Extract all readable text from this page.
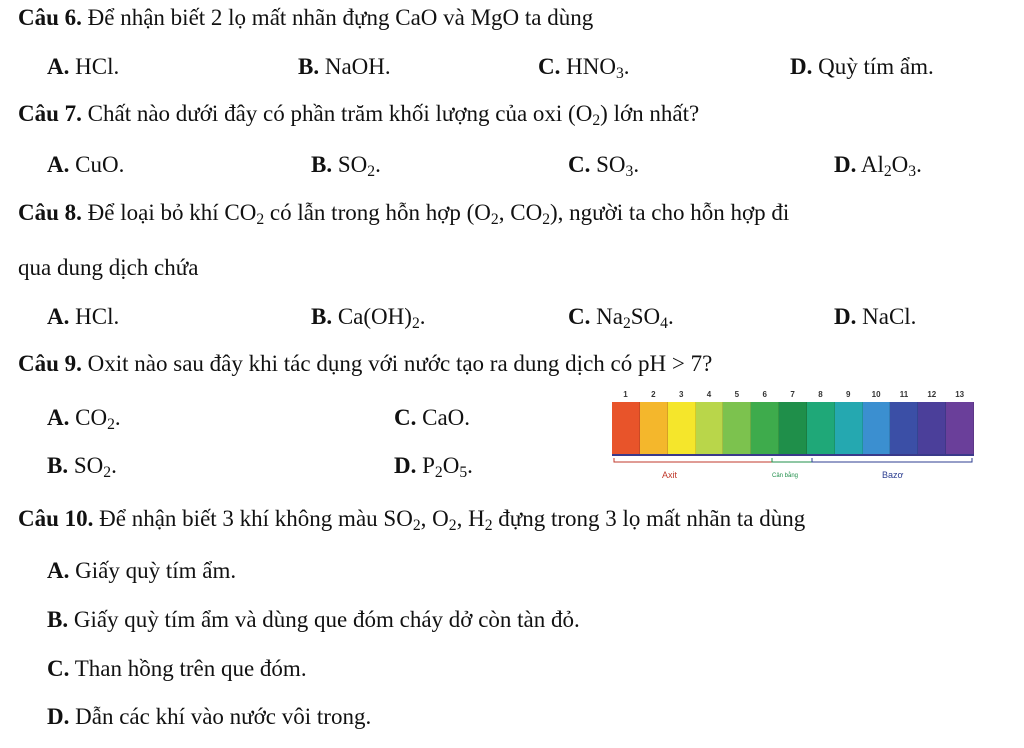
Câu 6. Để nhận biết 2 lọ mất nhãn đựng CaO và MgO ta dùng
A. HCl.	B. NaOH.	C. $HNO_3$.	D. Quỳ tím ẩm.
Câu 7. Chất nào dưới đây có phần trăm khối lượng của oxi $(O_2)$ lớn nhất?
A. CuO.	B. $SO_2$.	C. $SO_3$.	D. $Al_2O_3$.
Câu 8. Để loại bỏ khí $CO_2$ có lẫn trong hỗn hợp ($O_2$, $CO_2$), người ta cho hỗn hợp đi
qua dung dịch chứa
A. HCl.	B. $Ca(OH)_2$.	C. $Na_2SO_4$.	D. NaCl.
Câu 9. Oxit nào sau đây khi tác dụng với nước tạo ra dung dịch có pH > 7?
A. $CO_2$.	C. CaO.
B. $SO_2$.	D. $P_2O_5$.
1	2	3	4	5	6	7	8	9	10	11	12	13
Axit	Cân bằng	Bazơ
Câu 10. Để nhận biết 3 khí không màu $SO_2$, $O_2$, $H_2$ đựng trong 3 lọ mất nhãn ta dùng
A. Giấy quỳ tím ẩm.
B. Giấy quỳ tím ẩm và dùng que đóm cháy dở còn tàn đỏ.
C. Than hồng trên que đóm.
D. Dẫn các khí vào nước vôi trong.
